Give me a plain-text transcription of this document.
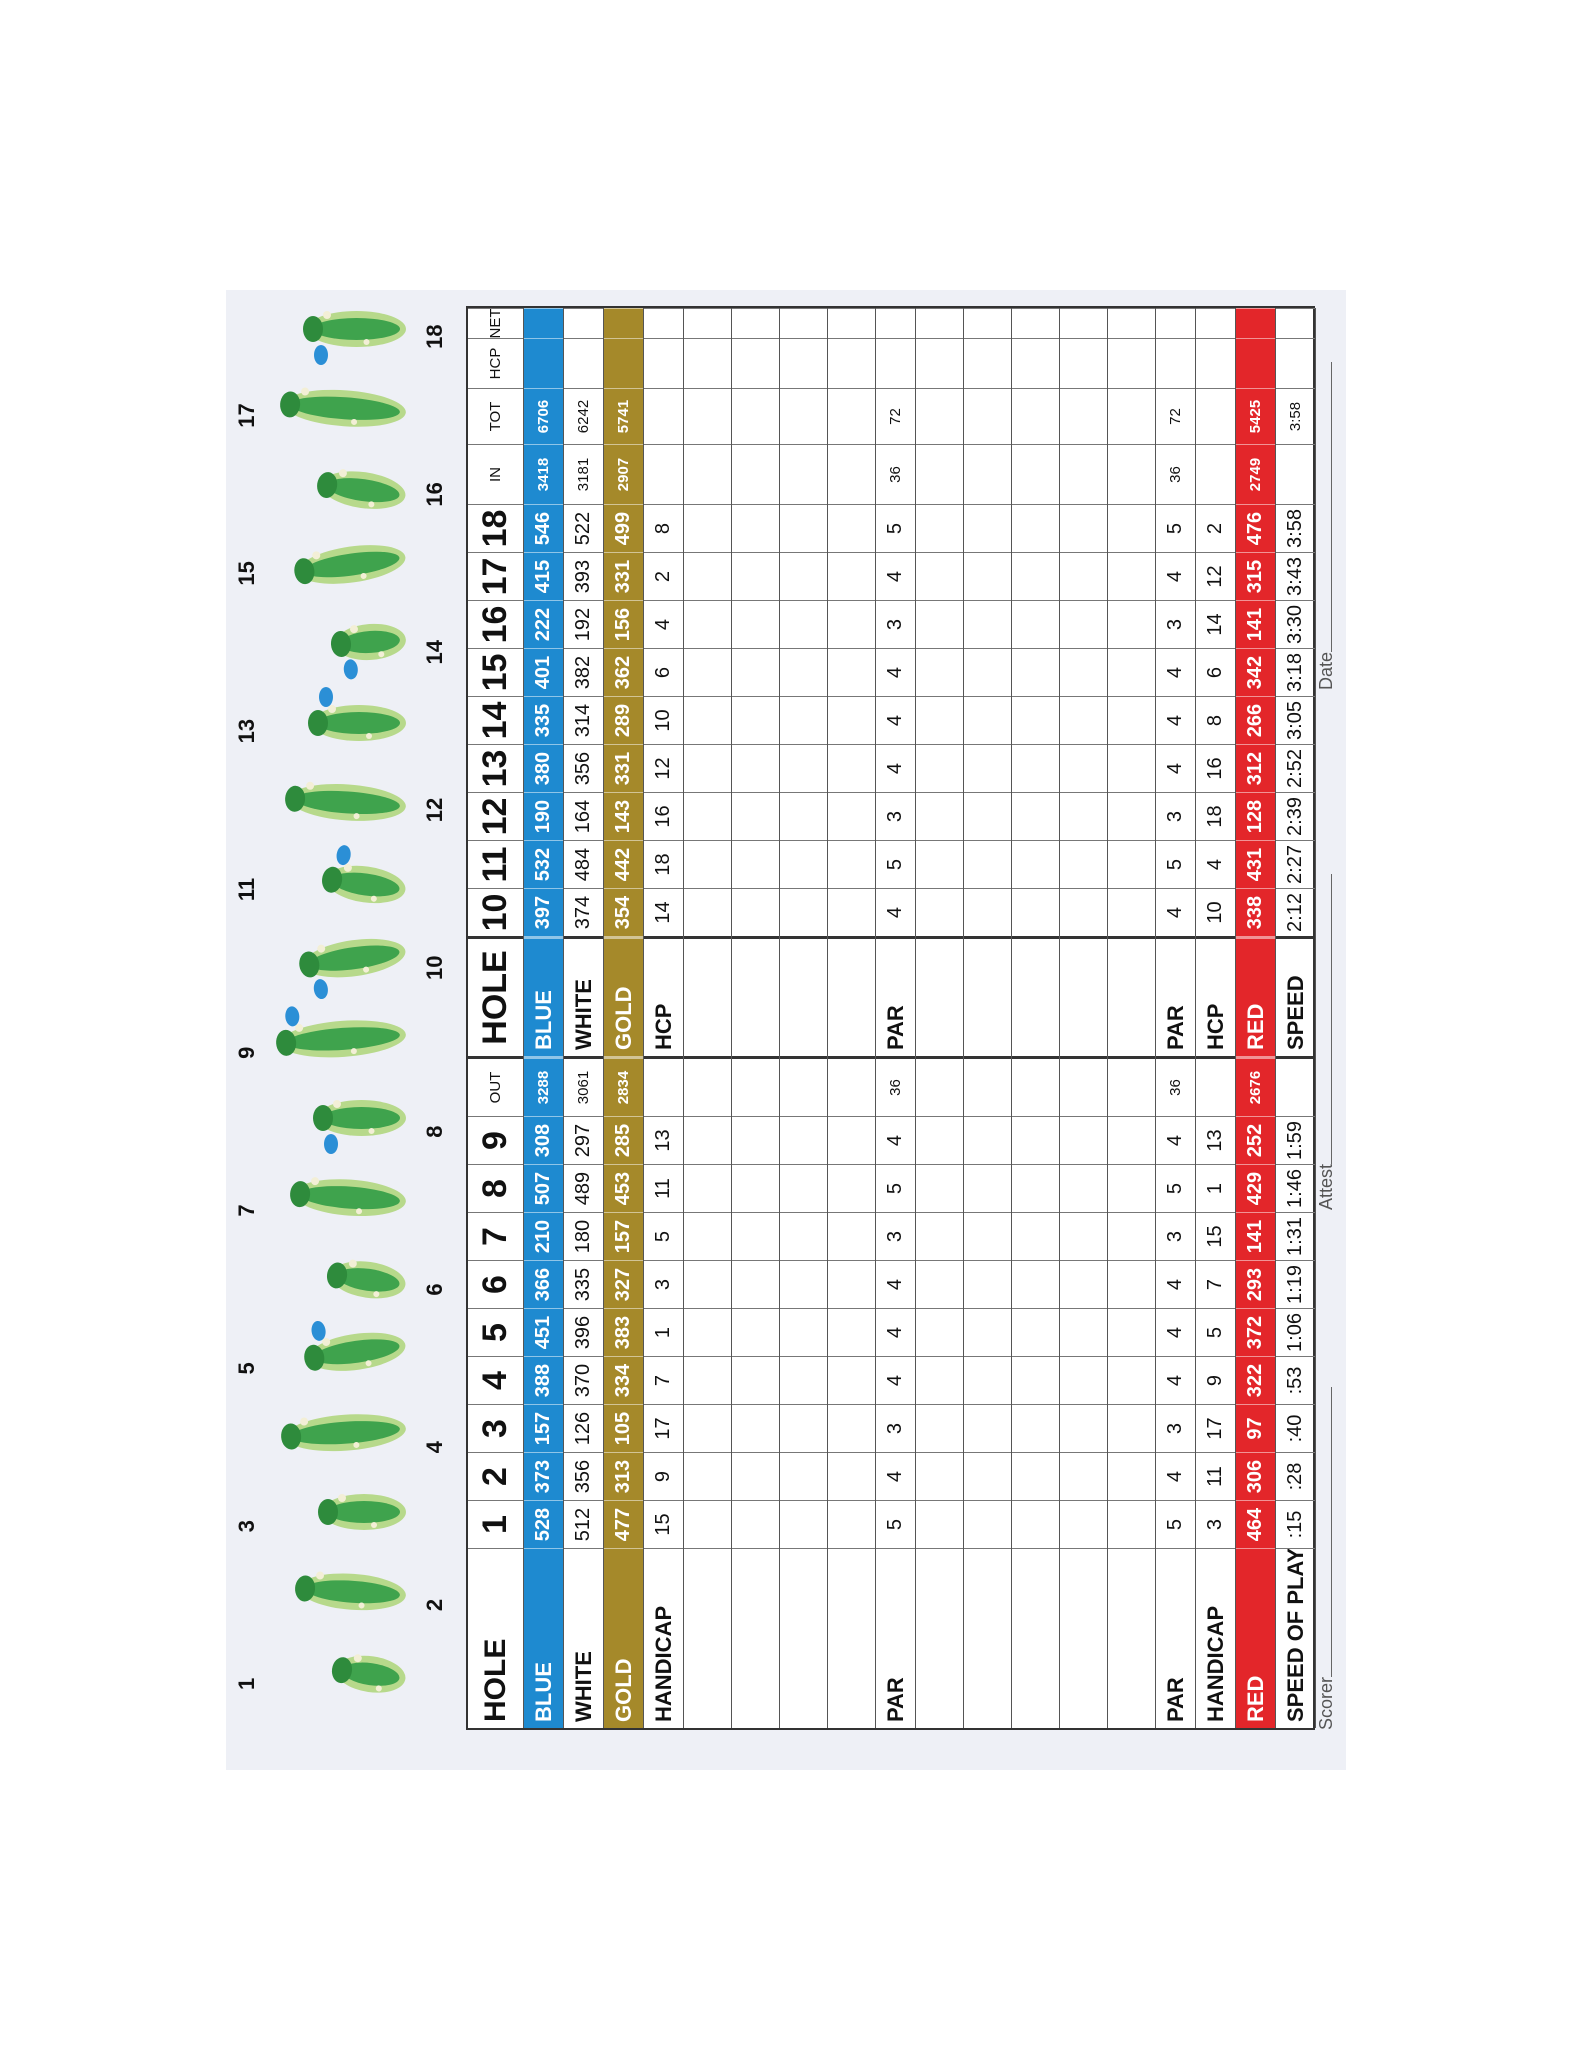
1
2
3
4
5
6
7
8
9
10
11
12
13
14
15
16
17
18
HOLE
1
2
3
4
5
6
7
8
9
OUT
HOLE
10
11
12
13
14
15
16
17
18
IN
TOT
HCP
NET
BLUE
528
373
157
388
451
366
210
507
308
3288
BLUE
397
532
190
380
335
401
222
415
546
3418
6706
WHITE
512
356
126
370
396
335
180
489
297
3061
WHITE
374
484
164
356
314
382
192
393
522
3181
6242
GOLD
477
313
105
334
383
327
157
453
285
2834
GOLD
354
442
143
331
289
362
156
331
499
2907
5741
HANDICAP
15
9
17
7
1
3
5
11
13
HCP
14
18
16
12
10
6
4
2
8
PAR
5
4
3
4
4
4
3
5
4
36
PAR
4
5
3
4
4
4
3
4
5
36
72
PAR
5
4
3
4
4
4
3
5
4
36
PAR
4
5
3
4
4
4
3
4
5
36
72
HANDICAP
3
11
17
9
5
7
15
1
13
HCP
10
4
18
16
8
6
14
12
2
RED
464
306
97
322
372
293
141
429
252
2676
RED
338
431
128
312
266
342
141
315
476
2749
5425
SPEED OF PLAY
:15
:28
:40
:53
1:06
1:19
1:31
1:46
1:59
SPEED
2:12
2:27
2:39
2:52
3:05
3:18
3:30
3:43
3:58
3:58
Scorer
Attest
Date
